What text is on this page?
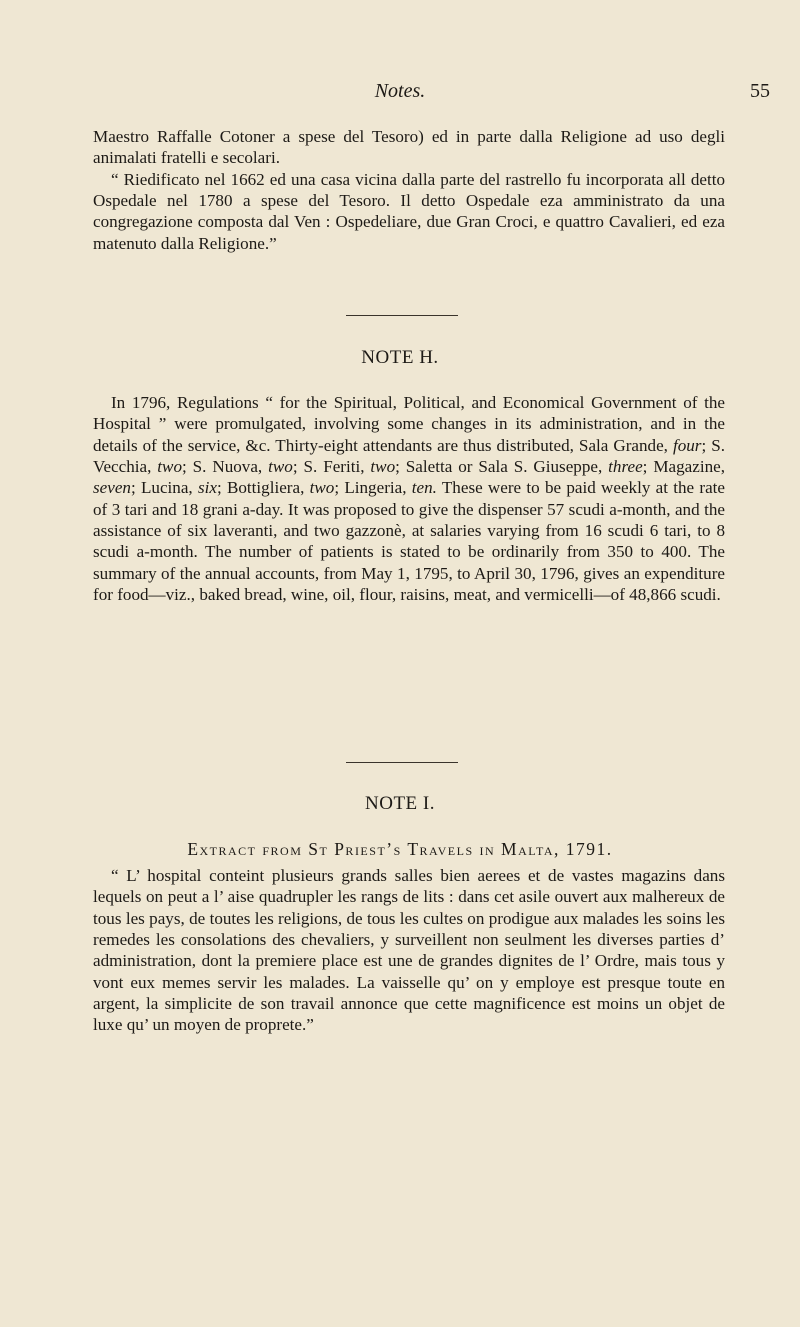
Notes.	55

Maestro Raffalle Cotoner a spese del Tesoro) ed in parte dalla Religione ad uso degli animalati fratelli e secolari.

“ Riedificato nel 1662 ed una casa vicina dalla parte del rastrello fu incorporata all detto Ospedale nel 1780 a spese del Tesoro. Il detto Ospedale eza amministrato da una congregazione composta dal Ven : Ospedeliare, due Gran Croci, e quattro Cavalieri, ed eza matenuto dalla Religione.”

NOTE H.

In 1796, Regulations “ for the Spiritual, Political, and Economical Government of the Hospital ” were promulgated, involving some changes in its administration, and in the details of the service, &c. Thirty-eight attendants are thus distributed, Sala Grande, four; S. Vecchia, two; S. Nuova, two; S. Feriti, two; Saletta or Sala S. Giuseppe, three; Magazine, seven; Lucina, six; Bottigliera, two; Lingeria, ten. These were to be paid weekly at the rate of 3 tari and 18 grani a-day. It was proposed to give the dispenser 57 scudi a-month, and the assistance of six laveranti, and two gazzonè, at salaries varying from 16 scudi 6 tari, to 8 scudi a-month. The number of patients is stated to be ordinarily from 350 to 400. The summary of the annual accounts, from May 1, 1795, to April 30, 1796, gives an expenditure for food—viz., baked bread, wine, oil, flour, raisins, meat, and vermicelli—of 48,866 scudi.

NOTE I.
Extract from St Priest’s Travels in Malta, 1791.

“ L’ hospital conteint plusieurs grands salles bien aerees et de vastes magazins dans lequels on peut a l’ aise quadrupler les rangs de lits : dans cet asile ouvert aux malhereux de tous les pays, de toutes les religions, de tous les cultes on prodigue aux malades les soins les remedes les consolations des chevaliers, y surveillent non seulment les diverses parties d’ administration, dont la premiere place est une de grandes dignites de l’ Ordre, mais tous y vont eux memes servir les malades. La vaisselle qu’ on y employe est presque toute en argent, la simplicite de son travail annonce que cette magnificence est moins un objet de luxe qu’ un moyen de proprete.”
